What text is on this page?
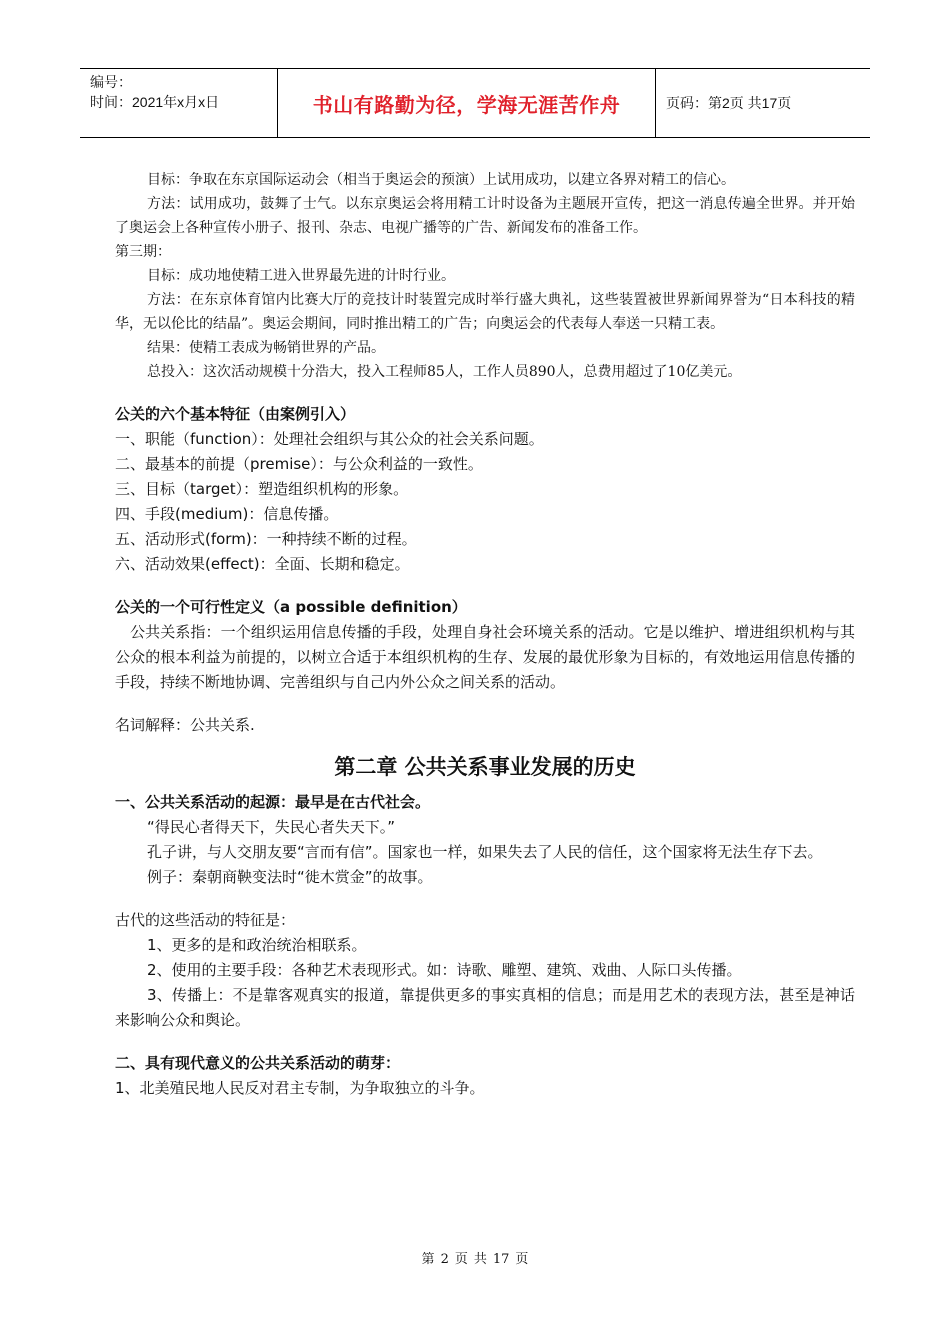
编号：
时间：2021年x月x日	书山有路勤为径，学海无涯苦作舟	页码：第2页 共17页

目标：争取在东京国际运动会（相当于奥运会的预演）上试用成功，以建立各界对精工的信心。

方法：试用成功，鼓舞了士气。以东京奥运会将用精工计时设备为主题展开宣传，把这一消息传遍全世界。并开始了奥运会上各种宣传小册子、报刊、杂志、电视广播等的广告、新闻发布的准备工作。

第三期：

目标：成功地使精工进入世界最先进的计时行业。

方法：在东京体育馆内比赛大厅的竞技计时装置完成时举行盛大典礼，这些装置被世界新闻界誉为“日本科技的精华，无以伦比的结晶”。奥运会期间，同时推出精工的广告；向奥运会的代表每人奉送一只精工表。

结果：使精工表成为畅销世界的产品。

总投入：这次活动规模十分浩大，投入工程师85人，工作人员890人，总费用超过了10亿美元。

公关的六个基本特征（由案例引入）

一、职能（function）：处理社会组织与其公众的社会关系问题。

二、最基本的前提（premise）：与公众利益的一致性。

三、目标（target）：塑造组织机构的形象。

四、手段(medium)：信息传播。

五、活动形式(form)：一种持续不断的过程。

六、活动效果(effect)：全面、长期和稳定。

公关的一个可行性定义（a possible definition）

公共关系指：一个组织运用信息传播的手段，处理自身社会环境关系的活动。它是以维护、增进组织机构与其公众的根本利益为前提的，以树立合适于本组织机构的生存、发展的最优形象为目标的，有效地运用信息传播的手段，持续不断地协调、完善组织与自己内外公众之间关系的活动。

名词解释：公共关系.

第二章 公共关系事业发展的历史

一、公共关系活动的起源：最早是在古代社会。

“得民心者得天下，失民心者失天下。”

孔子讲，与人交朋友要“言而有信”。国家也一样，如果失去了人民的信任，这个国家将无法生存下去。

例子：秦朝商鞅变法时“徙木赏金”的故事。

古代的这些活动的特征是：

1、更多的是和政治统治相联系。

2、使用的主要手段：各种艺术表现形式。如：诗歌、雕塑、建筑、戏曲、人际口头传播。

3、传播上：不是靠客观真实的报道，靠提供更多的事实真相的信息；而是用艺术的表现方法，甚至是神话来影响公众和舆论。

二、具有现代意义的公共关系活动的萌芽：

1、北美殖民地人民反对君主专制，为争取独立的斗争。

第 2 页 共 17 页
